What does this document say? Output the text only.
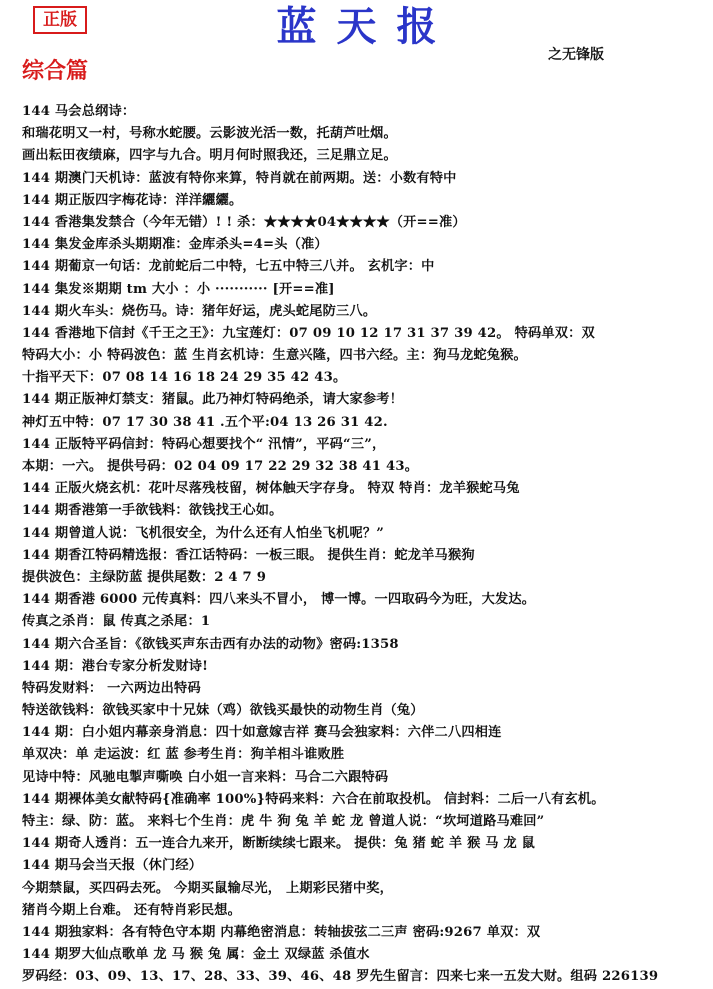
正版	蓝天报
之无锋版
综合篇
144 马会总纲诗：
和瑞花明又一村，号称水蛇腰。云影波光活一数，托葫芦吐烟。
画出耘田夜绩麻，四字与九合。明月何时照我还，三足鼎立足。
144 期澳门天机诗：蓝波有特你来算，特肖就在前两期。送：小数有特中
144 期正版四字梅花诗：洋洋纚纚。
144 香港集发禁合（今年无错）! ! 杀：★★★★04★★★★（开==准）
144 集发金库杀头期期准：金库杀头=4=头（准）
144 期葡京一句话：龙前蛇后二中特，七五中特三八并。 玄机字：中
144 集发※期期 tm 大小 ：小 ··········· [开==准]
144 期火车头：烧伤马。诗：猪年好运，虎头蛇尾防三八。
144 香港地下信封《千王之王》：九宝莲灯：07 09 10 12 17 31 37 39 42。 特码单双：双
特码大小：小 特码波色：蓝 生肖玄机诗：生意兴隆，四书六经。主：狗马龙蛇兔猴。
十指平天下：07 08 14 16 18 24 29 35 42 43。
144 期正版神灯禁支：猪鼠。此乃神灯特码绝杀，请大家参考！
神灯五中特：07 17 30 38 41 .五个平:04 13 26 31 42.
144 正版特平码信封：特码心想要找个“ 汛情”，平码“三”，
本期：一六。 提供号码：02 04 09 17 22 29 32 38 41 43。
144 正版火烧玄机：花叶尽落残枝留，树体触天字存身。 特双 特肖：龙羊猴蛇马兔
144 期香港第一手欲钱料：欲钱找王心如。
144 期曾道人说：飞机很安全，为什么还有人怕坐飞机呢？”
144 期香江特码精选报：香江话特码：一板三眼。 提供生肖：蛇龙羊马猴狗
提供波色：主绿防蓝 提供尾数：2 4 7 9
144 期香港 6000 元传真料：四八来头不冒小， 博一博。一四取码今为旺，大发达。
传真之杀肖：鼠 传真之杀尾：1
144 期六合圣旨：《欲钱买声东击西有办法的动物》密码:1358
144 期：港台专家分析发财诗!
特码发财料： 一六两边出特码
特送欲钱料：欲钱买家中十兄妹（鸡）欲钱买最快的动物生肖（兔）
144 期：白小姐内幕亲身消息：四十如意嫁吉祥 赛马会独家料：六伴二八四相连
单双决：单 走运波：红 蓝 参考生肖：狗羊相斗谁败胜
见诗中特：风驰电掣声嘶唤 白小姐一言来料：马合二六跟特码
144 期裸体美女献特码{准确率 100%}特码来料：六合在前取投机。 信封料：二后一八有玄机。
特主：绿、防：蓝。 来料七个生肖：虎 牛 狗 兔 羊 蛇 龙 曾道人说：“坎坷道路马难回”
144 期奇人透肖：五一连合九来开，断断续续七跟来。 提供：兔 猪 蛇 羊 猴 马 龙 鼠
144 期马会当天报（休门经）
今期禁鼠，买四码去死。 今期买鼠输尽光， 上期彩民猪中奖，
猪肖今期上台难。 还有特肖彩民想。
144 期独家料：各有特色守本期 内幕绝密消息：转轴拔弦二三声 密码:9267 单双：双
144 期罗大仙点歌单 龙 马 猴 兔 属：金土 双绿蓝 杀值水
罗码经：03、09、13、17、28、33、39、46、48 罗先生留言：四来七来一五发大财。组码 226139
